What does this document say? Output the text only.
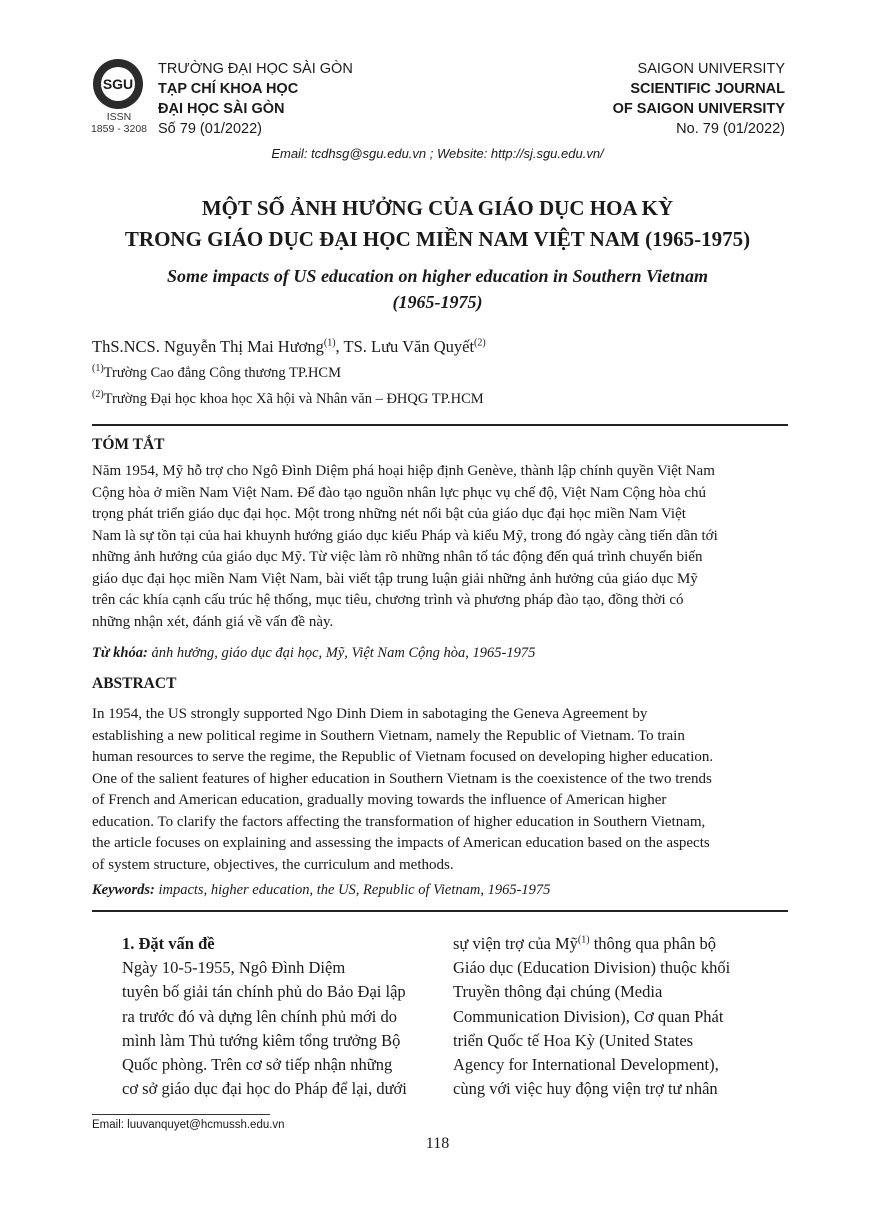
SGU
ISSN
1859 - 3208
TRƯỜNG ĐẠI HỌC SÀI GÒN
TẠP CHÍ KHOA HỌC
ĐẠI HỌC SÀI GÒN
Số 79 (01/2022)
SAIGON UNIVERSITY
SCIENTIFIC JOURNAL
OF SAIGON UNIVERSITY
No. 79 (01/2022)
Email: tcdhsg@sgu.edu.vn ; Website: http://sj.sgu.edu.vn/
MỘT SỐ ẢNH HƯỞNG CỦA GIÁO DỤC HOA KỲ
TRONG GIÁO DỤC ĐẠI HỌC MIỀN NAM VIỆT NAM (1965-1975)
Some impacts of US education on higher education in Southern Vietnam
(1965-1975)
ThS.NCS. Nguyễn Thị Mai Hương$^{(1)}$, TS. Lưu Văn Quyết$^{(2)}$
$^{(1)}$Trường Cao đẳng Công thương TP.HCM
$^{(2)}$Trường Đại học khoa học Xã hội và Nhân văn – ĐHQG TP.HCM
TÓM TẮT
Năm 1954, Mỹ hỗ trợ cho Ngô Đình Diệm phá hoại hiệp định Genève, thành lập chính quyền Việt Nam
Cộng hòa ở miền Nam Việt Nam. Để đào tạo nguồn nhân lực phục vụ chế độ, Việt Nam Cộng hòa chú
trọng phát triển giáo dục đại học. Một trong những nét nổi bật của giáo dục đại học miền Nam Việt
Nam là sự tồn tại của hai khuynh hướng giáo dục kiểu Pháp và kiểu Mỹ, trong đó ngày càng tiến dần tới
những ảnh hưởng của giáo dục Mỹ. Từ việc làm rõ những nhân tố tác động đến quá trình chuyển biến
giáo dục đại học miền Nam Việt Nam, bài viết tập trung luận giải những ảnh hưởng của giáo dục Mỹ
trên các khía cạnh cấu trúc hệ thống, mục tiêu, chương trình và phương pháp đào tạo, đồng thời có
những nhận xét, đánh giá về vấn đề này.
Từ khóa: ảnh hưởng, giáo dục đại học, Mỹ, Việt Nam Cộng hòa, 1965-1975
ABSTRACT
In 1954, the US strongly supported Ngo Dinh Diem in sabotaging the Geneva Agreement by
establishing a new political regime in Southern Vietnam, namely the Republic of Vietnam. To train
human resources to serve the regime, the Republic of Vietnam focused on developing higher education.
One of the salient features of higher education in Southern Vietnam is the coexistence of the two trends
of French and American education, gradually moving towards the influence of American higher
education. To clarify the factors affecting the transformation of higher education in Southern Vietnam,
the article focuses on explaining and assessing the impacts of American education based on the aspects
of system structure, objectives, the curriculum and methods.
Keywords: impacts, higher education, the US, Republic of Vietnam, 1965-1975
1. Đặt vấn đề
Ngày 10-5-1955, Ngô Đình Diệm
tuyên bố giải tán chính phủ do Bảo Đại lập
ra trước đó và dựng lên chính phủ mới do
mình làm Thủ tướng kiêm tổng trưởng Bộ
Quốc phòng. Trên cơ sở tiếp nhận những
cơ sở giáo dục đại học do Pháp để lại, dưới
sự viện trợ của Mỹ$^{(1)}$ thông qua phân bộ
Giáo dục (Education Division) thuộc khối
Truyền thông đại chúng (Media
Communication Division), Cơ quan Phát
triển Quốc tế Hoa Kỳ (United States
Agency for International Development),
cùng với việc huy động viện trợ tư nhân
Email: luuvanquyet@hcmussh.edu.vn
118
